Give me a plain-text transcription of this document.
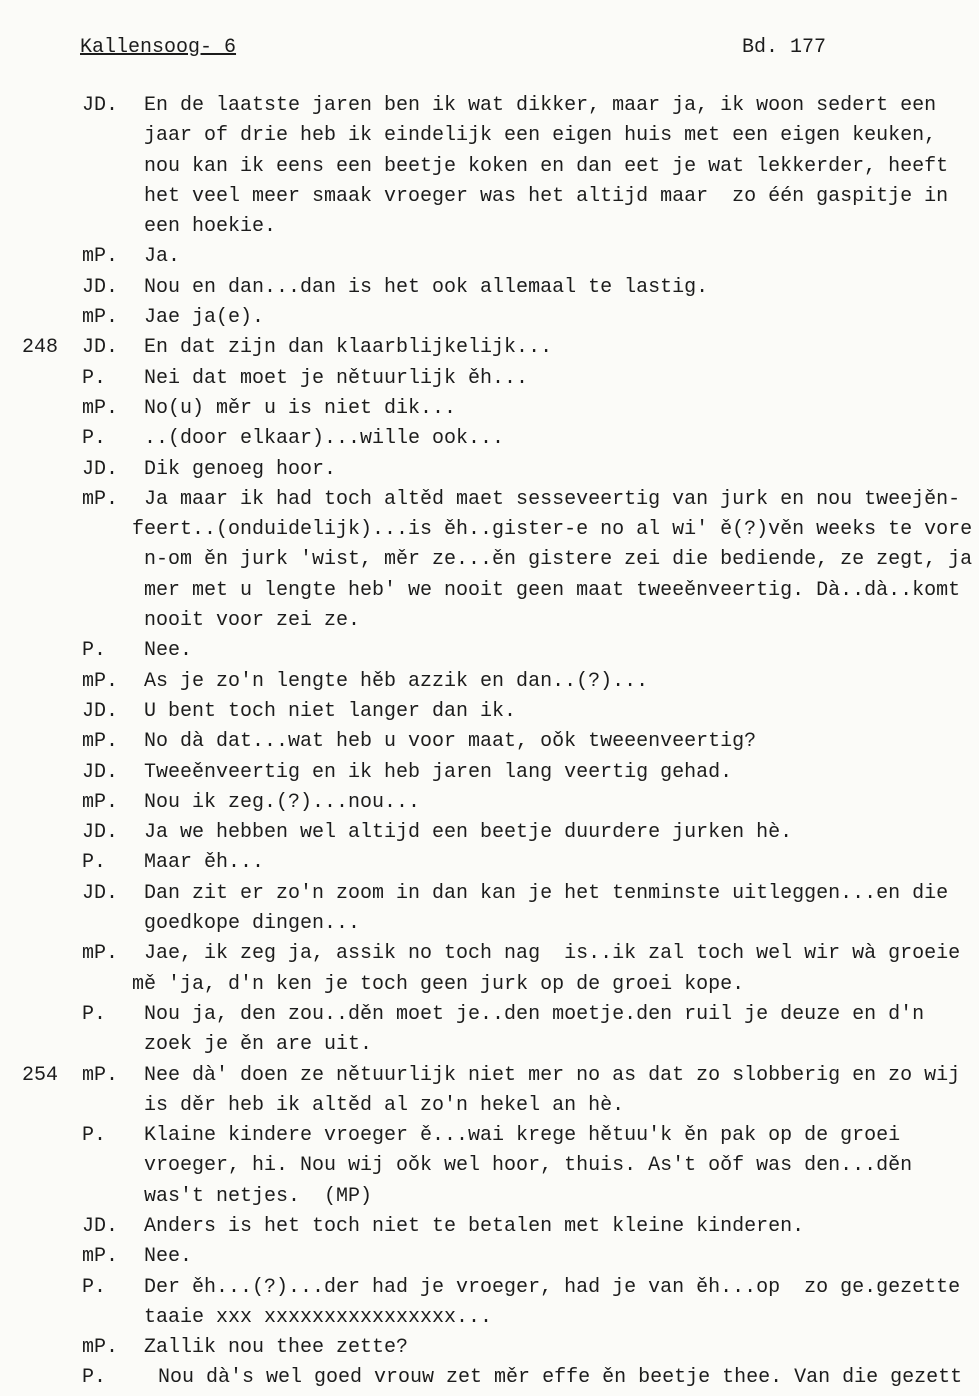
Kallensoog- 6	Bd. 177
JD. En de laatste jaren ben ik wat dikker, maar ja, ik woon sedert een
jaar of drie heb ik eindelijk een eigen huis met een eigen keuken,
nou kan ik eens een beetje koken en dan eet je wat lekkerder, heeft
het veel meer smaak vroeger was het altijd maar  zo één gaspitje in
een hoekie.
mP. Ja.
JD. Nou en dan...dan is het ook allemaal te lastig.
mP. Jae ja(e).
248 JD. En dat zijn dan klaarblijkelijk...
P. Nei dat moet je nětuurlijk ěh...
mP. No(u) měr u is niet dik...
P. ..(door elkaar)...wille ook...
JD. Dik genoeg hoor.
mP. Ja maar ik had toch altěd maet sesseveertig van jurk en nou tweejěn-
feert..(onduidelijk)...is ěh..gister-e no al wi' ě(?)věn weeks te vore
n-om ěn jurk 'wist, měr ze...ěn gistere zei die bediende, ze zegt, ja
mer met u lengte heb' we nooit geen maat tweeěnveertig. Dà..dà..komt
nooit voor zei ze.
P. Nee.
mP. As je zo'n lengte hěb azzik en dan..(?)...
JD. U bent toch niet langer dan ik.
mP. No dà dat...wat heb u voor maat, oǒk tweeenveertig?
JD. Tweeěnveertig en ik heb jaren lang veertig gehad.
mP. Nou ik zeg.(?)...nou...
JD. Ja we hebben wel altijd een beetje duurdere jurken hè.
P. Maar ěh...
JD. Dan zit er zo'n zoom in dan kan je het tenminste uitleggen...en die
goedkope dingen...
mP. Jae, ik zeg ja, assik no toch nag  is..ik zal toch wel wir wà groeie
mě 'ja, d'n ken je toch geen jurk op de groei kope.
P. Nou ja, den zou..děn moet je..den moetje.den ruil je deuze en d'n
zoek je ěn are uit.
254 mP. Nee dà' doen ze nětuurlijk niet mer no as dat zo slobberig en zo wij
is děr heb ik altěd al zo'n hekel an hè.
P. Klaine kindere vroeger ě...wai krege hětuu'k ěn pak op de groei
vroeger, hi. Nou wij oǒk wel hoor, thuis. As't oǒf was den...děn
was't netjes.  (MP)
JD. Anders is het toch niet te betalen met kleine kinderen.
mP. Nee.
P. Der ěh...(?)...der had je vroeger, had je van ěh...op  zo ge.gezette
taaie xxx xxxxxxxxxxxxxxxx...
mP. Zallik nou thee zette?
P.	Nou dà's wel goed vrouw zet měr effe ěn beetje thee. Van die gezett
